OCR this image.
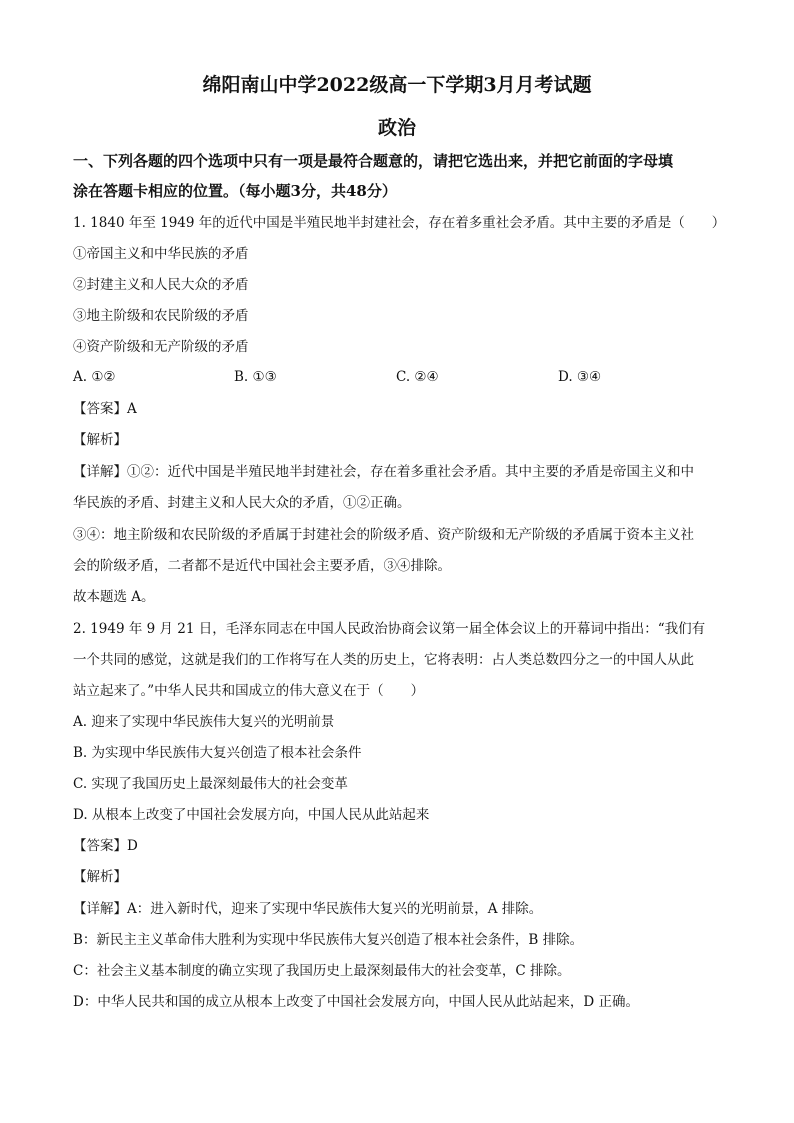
绵阳南山中学2022级高一下学期3月月考试题
政治
一、下列各题的四个选项中只有一项是最符合题意的，请把它选出来，并把它前面的字母填
涂在答题卡相应的位置。（每小题3分，共48分）
1. 1840 年至 1949 年的近代中国是半殖民地半封建社会，存在着多重社会矛盾。其中主要的矛盾是（　　）
①帝国主义和中华民族的矛盾
②封建主义和人民大众的矛盾
③地主阶级和农民阶级的矛盾
④资产阶级和无产阶级的矛盾
A. ①②	B. ①③	C. ②④	D. ③④
【答案】A
【解析】
【详解】①②：近代中国是半殖民地半封建社会，存在着多重社会矛盾。其中主要的矛盾是帝国主义和中
华民族的矛盾、封建主义和人民大众的矛盾，①②正确。
③④：地主阶级和农民阶级的矛盾属于封建社会的阶级矛盾、资产阶级和无产阶级的矛盾属于资本主义社
会的阶级矛盾，二者都不是近代中国社会主要矛盾，③④排除。
故本题选 A。
2. 1949 年 9 月 21 日，毛泽东同志在中国人民政治协商会议第一届全体会议上的开幕词中指出：“我们有
一个共同的感觉，这就是我们的工作将写在人类的历史上，它将表明：占人类总数四分之一的中国人从此
站立起来了。”中华人民共和国成立的伟大意义在于（　　）
A. 迎来了实现中华民族伟大复兴的光明前景
B. 为实现中华民族伟大复兴创造了根本社会条件
C. 实现了我国历史上最深刻最伟大的社会变革
D. 从根本上改变了中国社会发展方向，中国人民从此站起来
【答案】D
【解析】
【详解】A：进入新时代，迎来了实现中华民族伟大复兴的光明前景，A 排除。
B：新民主主义革命伟大胜利为实现中华民族伟大复兴创造了根本社会条件，B 排除。
C：社会主义基本制度的确立实现了我国历史上最深刻最伟大的社会变革，C 排除。
D：中华人民共和国的成立从根本上改变了中国社会发展方向，中国人民从此站起来，D 正确。
